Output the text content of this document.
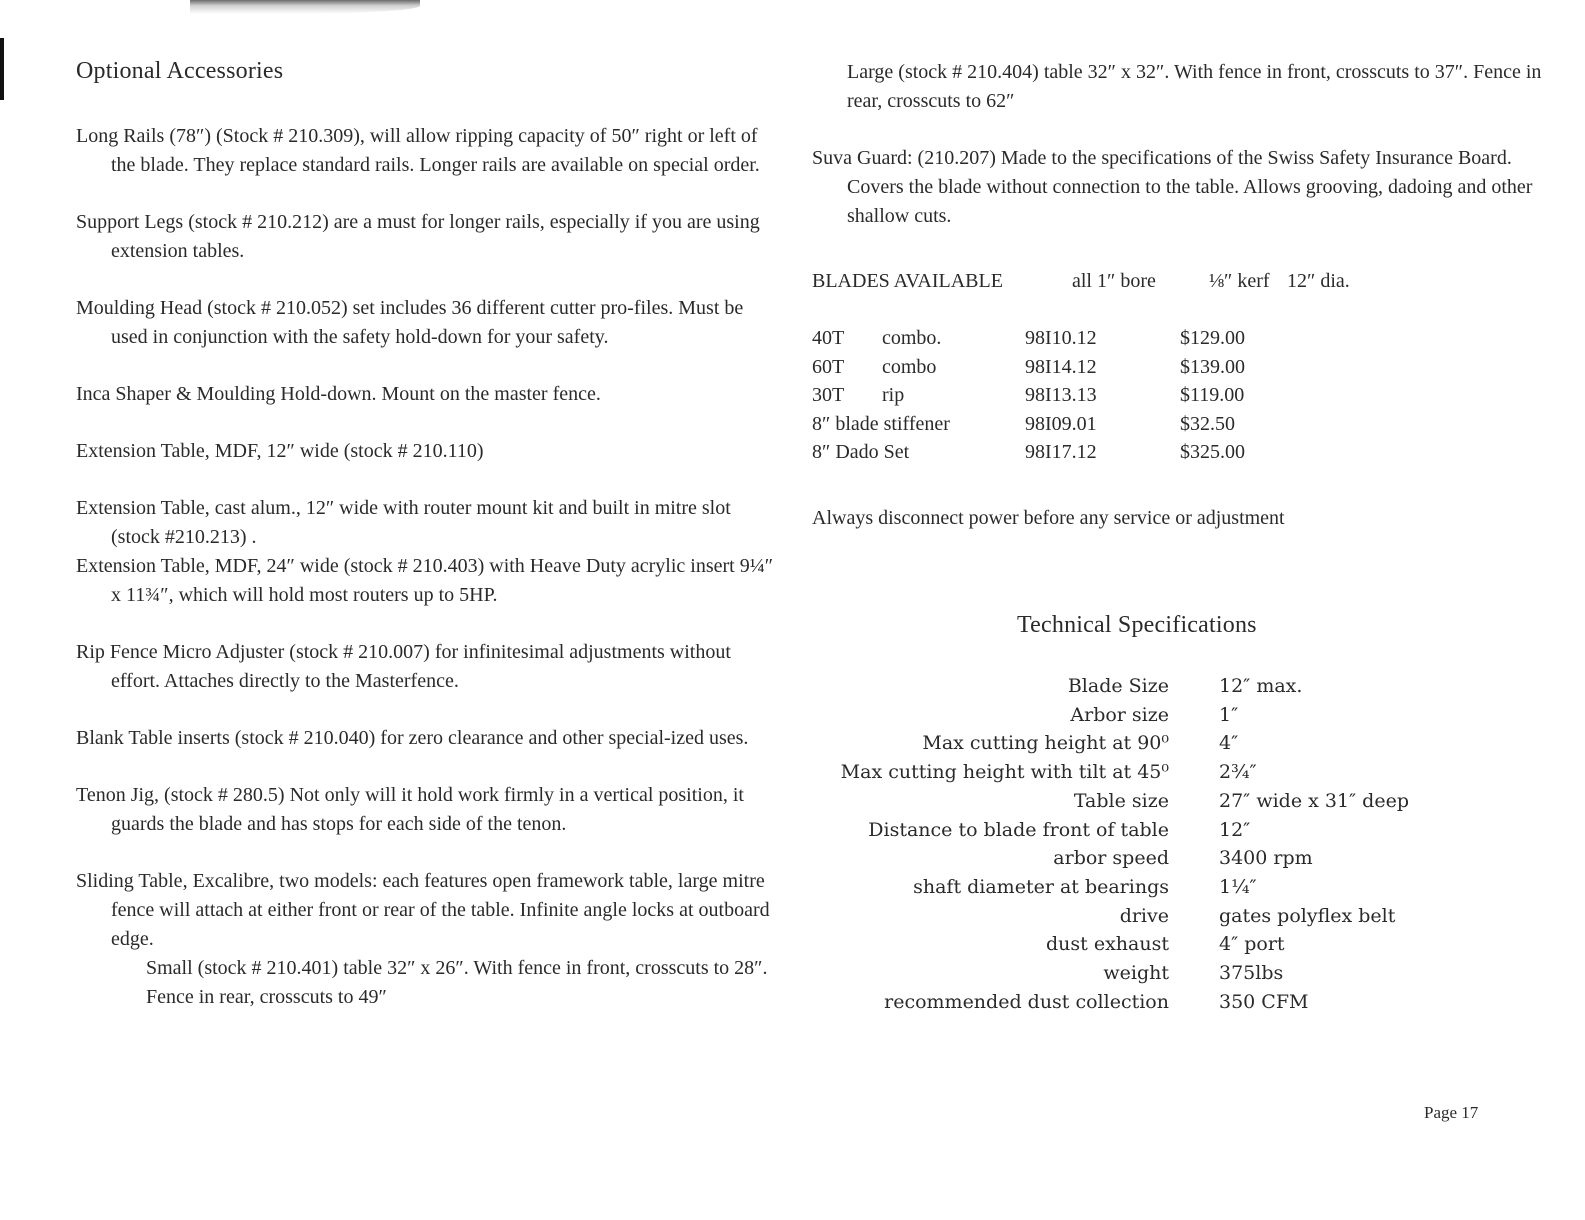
Optional Accessories

Long Rails (78″) (Stock # 210.309), will allow ripping capacity of 50″ right or left of the blade. They replace standard rails. Longer rails are available on special order.

Support Legs (stock # 210.212) are a must for longer rails, especially if you are using extension tables.

Moulding Head (stock # 210.052) set includes 36 different cutter pro-files. Must be used in conjunction with the safety hold-down for your safety.

Inca Shaper & Moulding Hold-down. Mount on the master fence.

Extension Table, MDF, 12″ wide (stock # 210.110)

Extension Table, cast alum., 12″ wide with router mount kit and built in mitre slot (stock #210.213) .

Extension Table, MDF, 24″ wide (stock # 210.403) with Heave Duty acrylic insert 9¼″ x 11¾″, which will hold most routers up to 5HP.

Rip Fence Micro Adjuster (stock # 210.007) for infinitesimal adjustments without effort. Attaches directly to the Masterfence.

Blank Table inserts (stock # 210.040) for zero clearance and other special-ized uses.

Tenon Jig, (stock # 280.5) Not only will it hold work firmly in a vertical position, it guards the blade and has stops for each side of the tenon.

Sliding Table, Excalibre, two models: each features open framework table, large mitre fence will attach at either front or rear of the table. Infinite angle locks at outboard edge.
Small (stock # 210.401) table 32″ x 26″. With fence in front, crosscuts to 28″. Fence in rear, crosscuts to 49″

Large (stock # 210.404) table 32″ x 32″. With fence in front, crosscuts to 37″. Fence in rear, crosscuts to 62″

Suva Guard: (210.207) Made to the specifications of the Swiss Safety Insurance Board. Covers the blade without connection to the table. Allows grooving, dadoing and other shallow cuts.

BLADES AVAILABLE	all 1″ bore	⅛″ kerf 12″ dia.
40T	combo.	98I10.12	$129.00
60T	combo	98I14.12	$139.00
30T	rip	98I13.13	$119.00
8″ blade stiffener		98I09.01	$32.50
8″ Dado Set		98I17.12	$325.00

Always disconnect power before any service or adjustment

Technical Specifications
Blade Size	12″ max.
Arbor size	1″
Max cutting height at 90⁰	4″
Max cutting height with tilt at 45⁰	2¾″
Table size	27″ wide x 31″ deep
Distance to blade front of table	12″
arbor speed	3400 rpm
shaft diameter at bearings	1¼″
drive	gates polyflex belt
dust exhaust	4″ port
weight	375lbs
recommended dust collection	350 CFM
Page 17
